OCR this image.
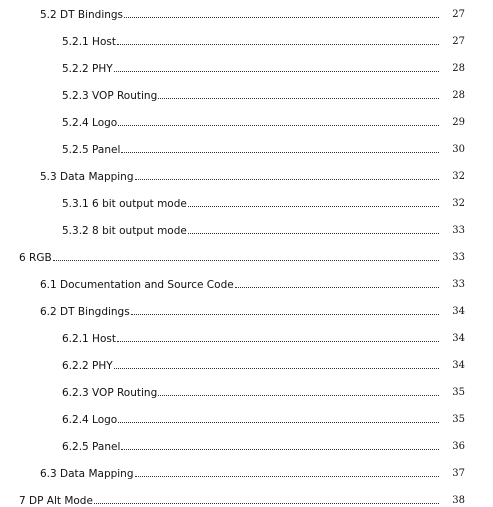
5.2 DT Bindings	27
5.2.1 Host	27
5.2.2 PHY	28
5.2.3 VOP Routing	28
5.2.4 Logo	29
5.2.5 Panel	30
5.3 Data Mapping	32
5.3.1 6 bit output mode	32
5.3.2 8 bit output mode	33
6 RGB	33
6.1 Documentation and Source Code	33
6.2 DT Bingdings	34
6.2.1 Host	34
6.2.2 PHY	34
6.2.3 VOP Routing	35
6.2.4 Logo	35
6.2.5 Panel	36
6.3 Data Mapping	37
7 DP Alt Mode	38
